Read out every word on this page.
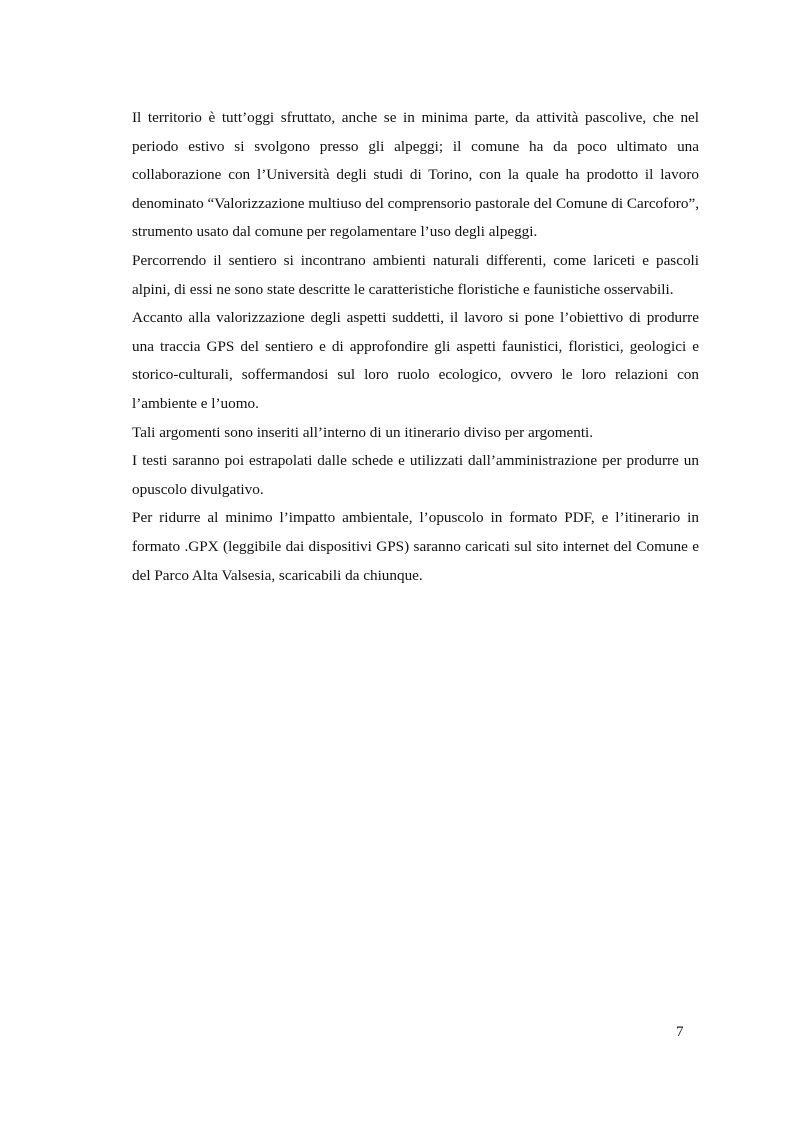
Il territorio è tutt’oggi sfruttato, anche se in minima parte, da attività pascolive, che nel periodo estivo si svolgono presso gli alpeggi; il comune ha da poco ultimato una collaborazione con l’Università degli studi di Torino, con la quale ha prodotto il lavoro denominato “Valorizzazione multiuso del comprensorio pastorale del Comune di Carcoforo”, strumento usato dal comune per regolamentare l’uso degli alpeggi.

Percorrendo il sentiero si incontrano ambienti naturali differenti, come lariceti e pascoli alpini, di essi ne sono state descritte le caratteristiche floristiche e faunistiche osservabili.

Accanto alla valorizzazione degli aspetti suddetti, il lavoro si pone l’obiettivo di produrre una traccia GPS del sentiero e di approfondire gli aspetti faunistici, floristici, geologici e storico-culturali, soffermandosi sul loro ruolo ecologico, ovvero le loro relazioni con l’ambiente e l’uomo.

Tali argomenti sono inseriti all’interno di un itinerario diviso per argomenti.

I testi saranno poi estrapolati dalle schede e utilizzati dall’amministrazione per produrre un opuscolo divulgativo.

Per ridurre al minimo l’impatto ambientale, l’opuscolo in formato PDF, e l’itinerario in formato .GPX (leggibile dai dispositivi GPS) saranno caricati sul sito internet del Comune e del Parco Alta Valsesia, scaricabili da chiunque.

7
